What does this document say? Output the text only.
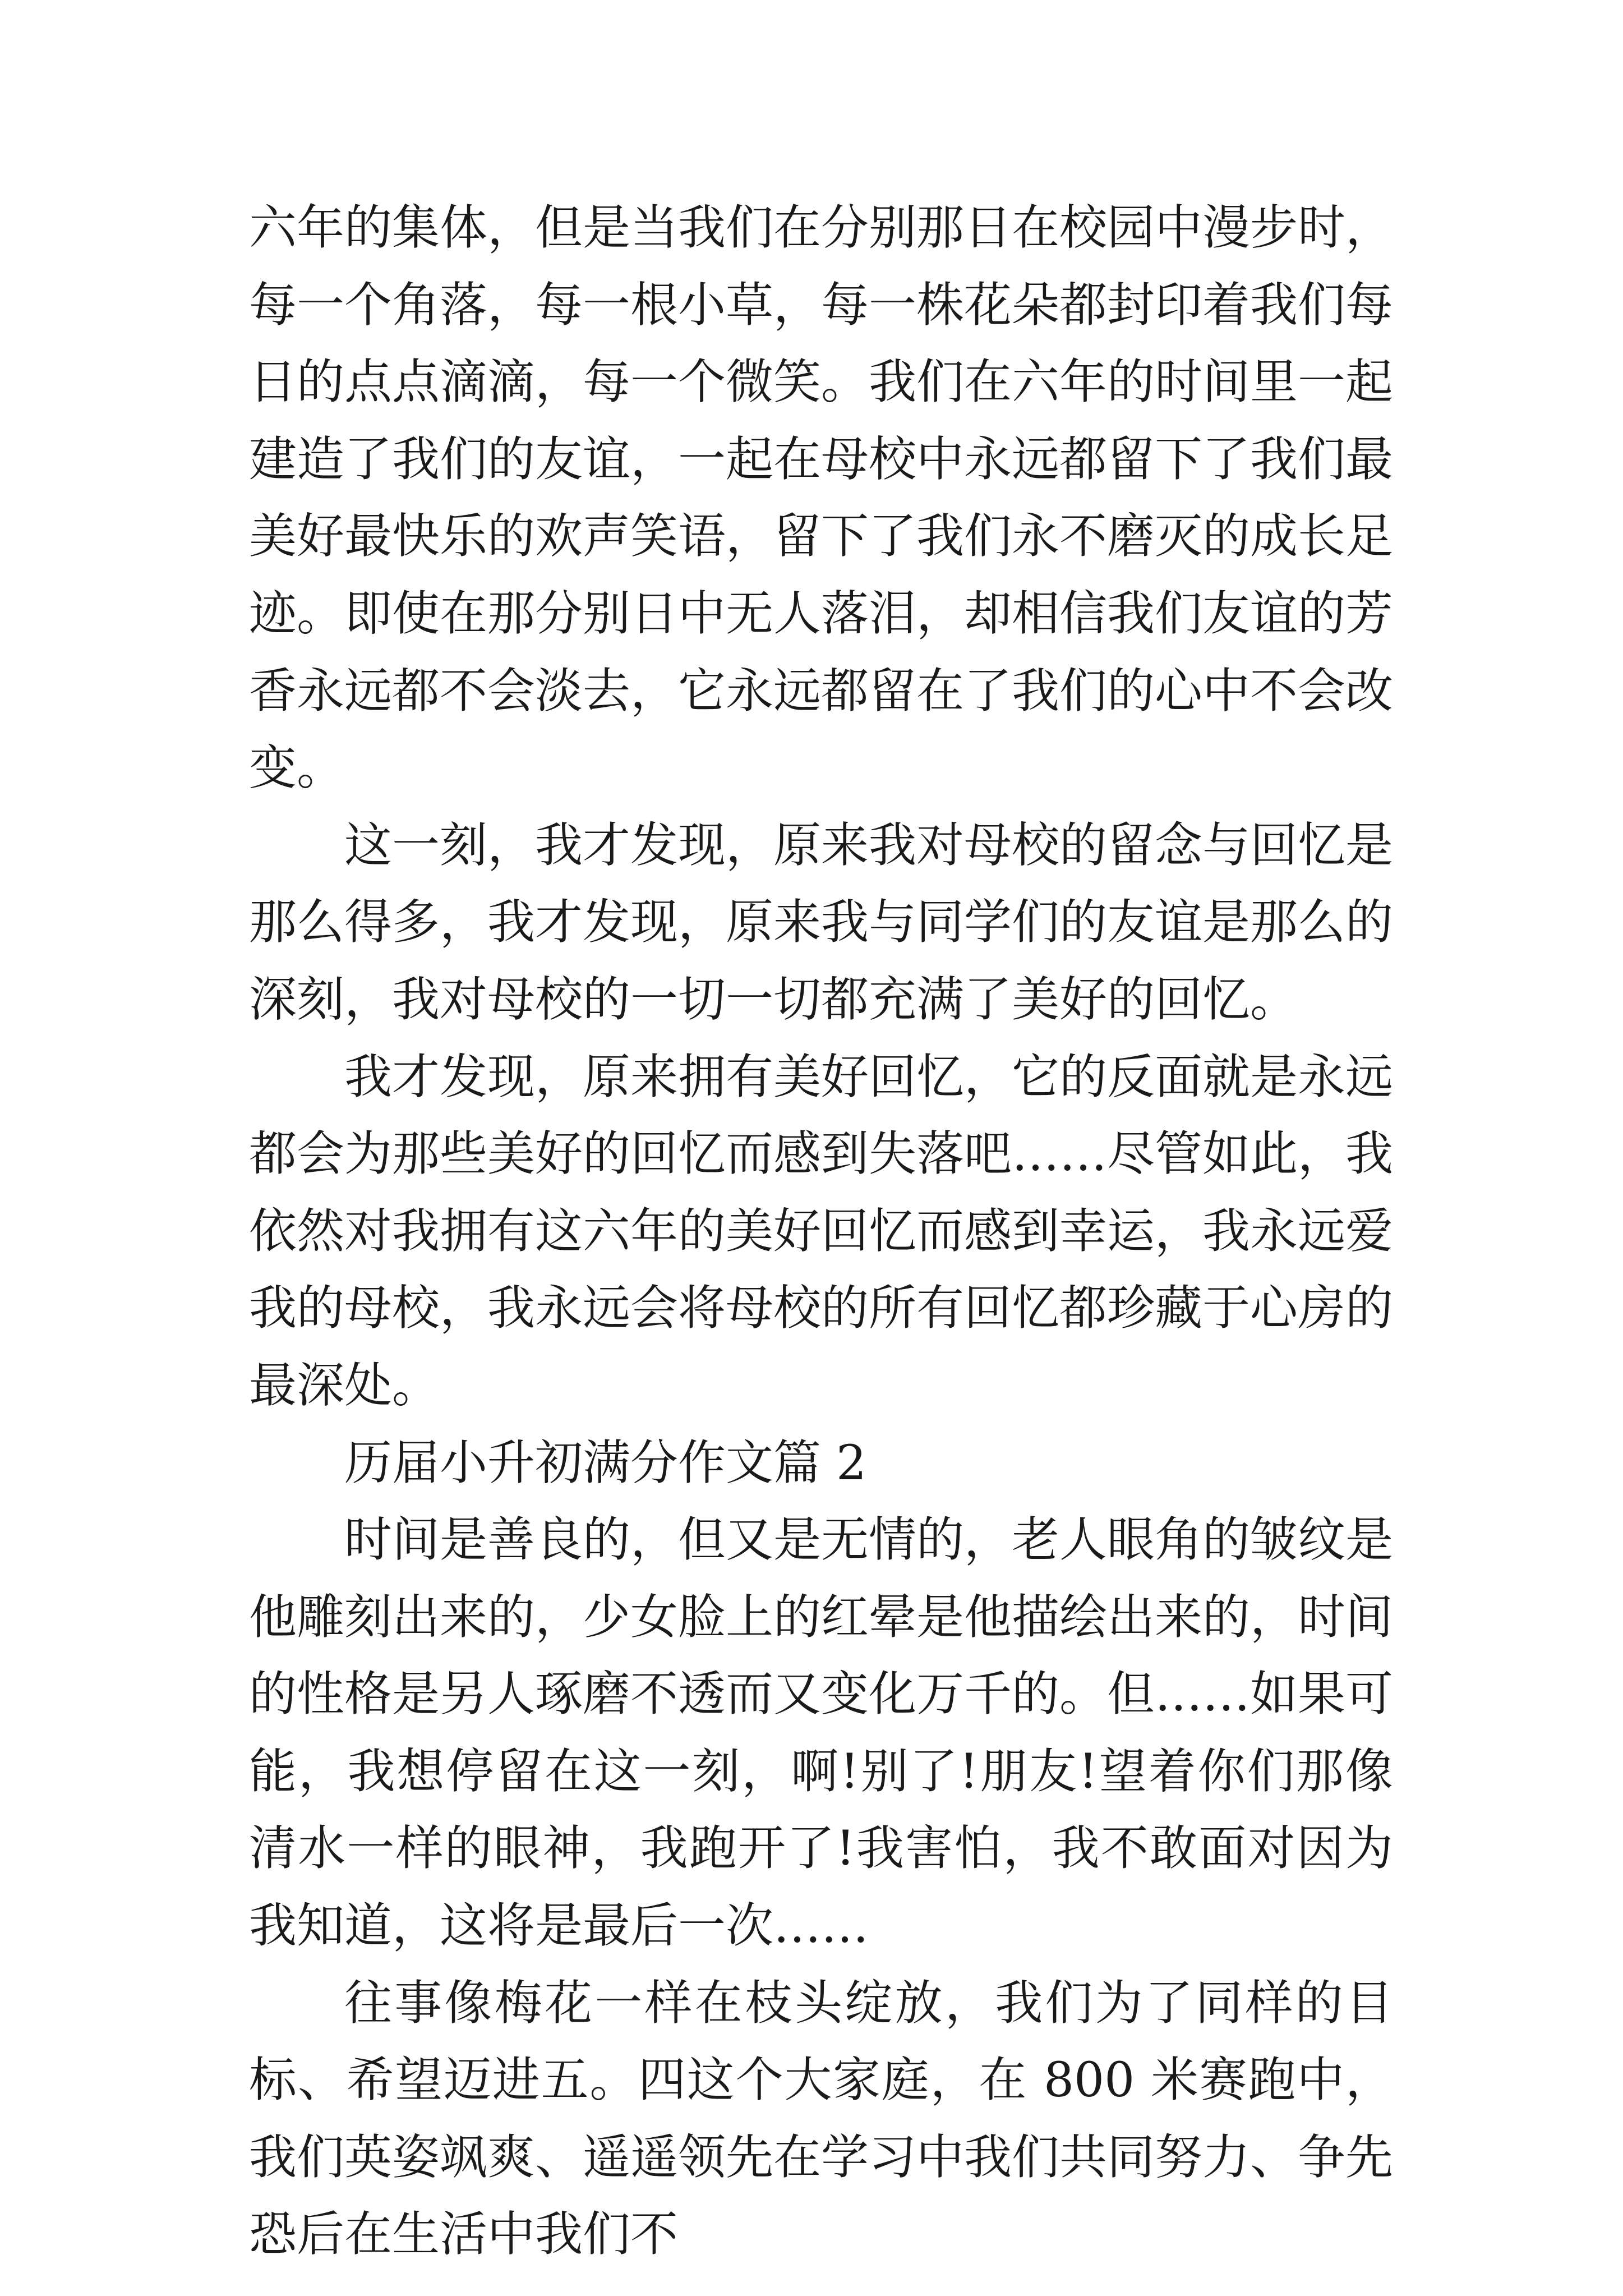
六年的集体，但是当我们在分别那日在校园中漫步时，每一个角落，每一根小草，每一株花朵都封印着我们每日的点点滴滴，每一个微笑。我们在六年的时间里一起建造了我们的友谊，一起在母校中永远都留下了我们最美好最快乐的欢声笑语，留下了我们永不磨灭的成长足迹。即使在那分别日中无人落泪，却相信我们友谊的芳香永远都不会淡去，它永远都留在了我们的心中不会改变。

这一刻，我才发现，原来我对母校的留念与回忆是那么得多，我才发现，原来我与同学们的友谊是那么的深刻，我对母校的一切一切都充满了美好的回忆。

我才发现，原来拥有美好回忆，它的反面就是永远都会为那些美好的回忆而感到失落吧……尽管如此，我依然对我拥有这六年的美好回忆而感到幸运，我永远爱我的母校，我永远会将母校的所有回忆都珍藏于心房的最深处。

历届小升初满分作文篇 2

时间是善良的，但又是无情的，老人眼角的皱纹是他雕刻出来的，少女脸上的红晕是他描绘出来的，时间的性格是另人琢磨不透而又变化万千的。但……如果可能，我想停留在这一刻，啊!别了!朋友!望着你们那像清水一样的眼神，我跑开了!我害怕，我不敢面对因为我知道，这将是最后一次……

往事像梅花一样在枝头绽放，我们为了同样的目标、希望迈进五。四这个大家庭，在 800 米赛跑中，我们英姿飒爽、遥遥领先在学习中我们共同努力、争先恐后在生活中我们不
